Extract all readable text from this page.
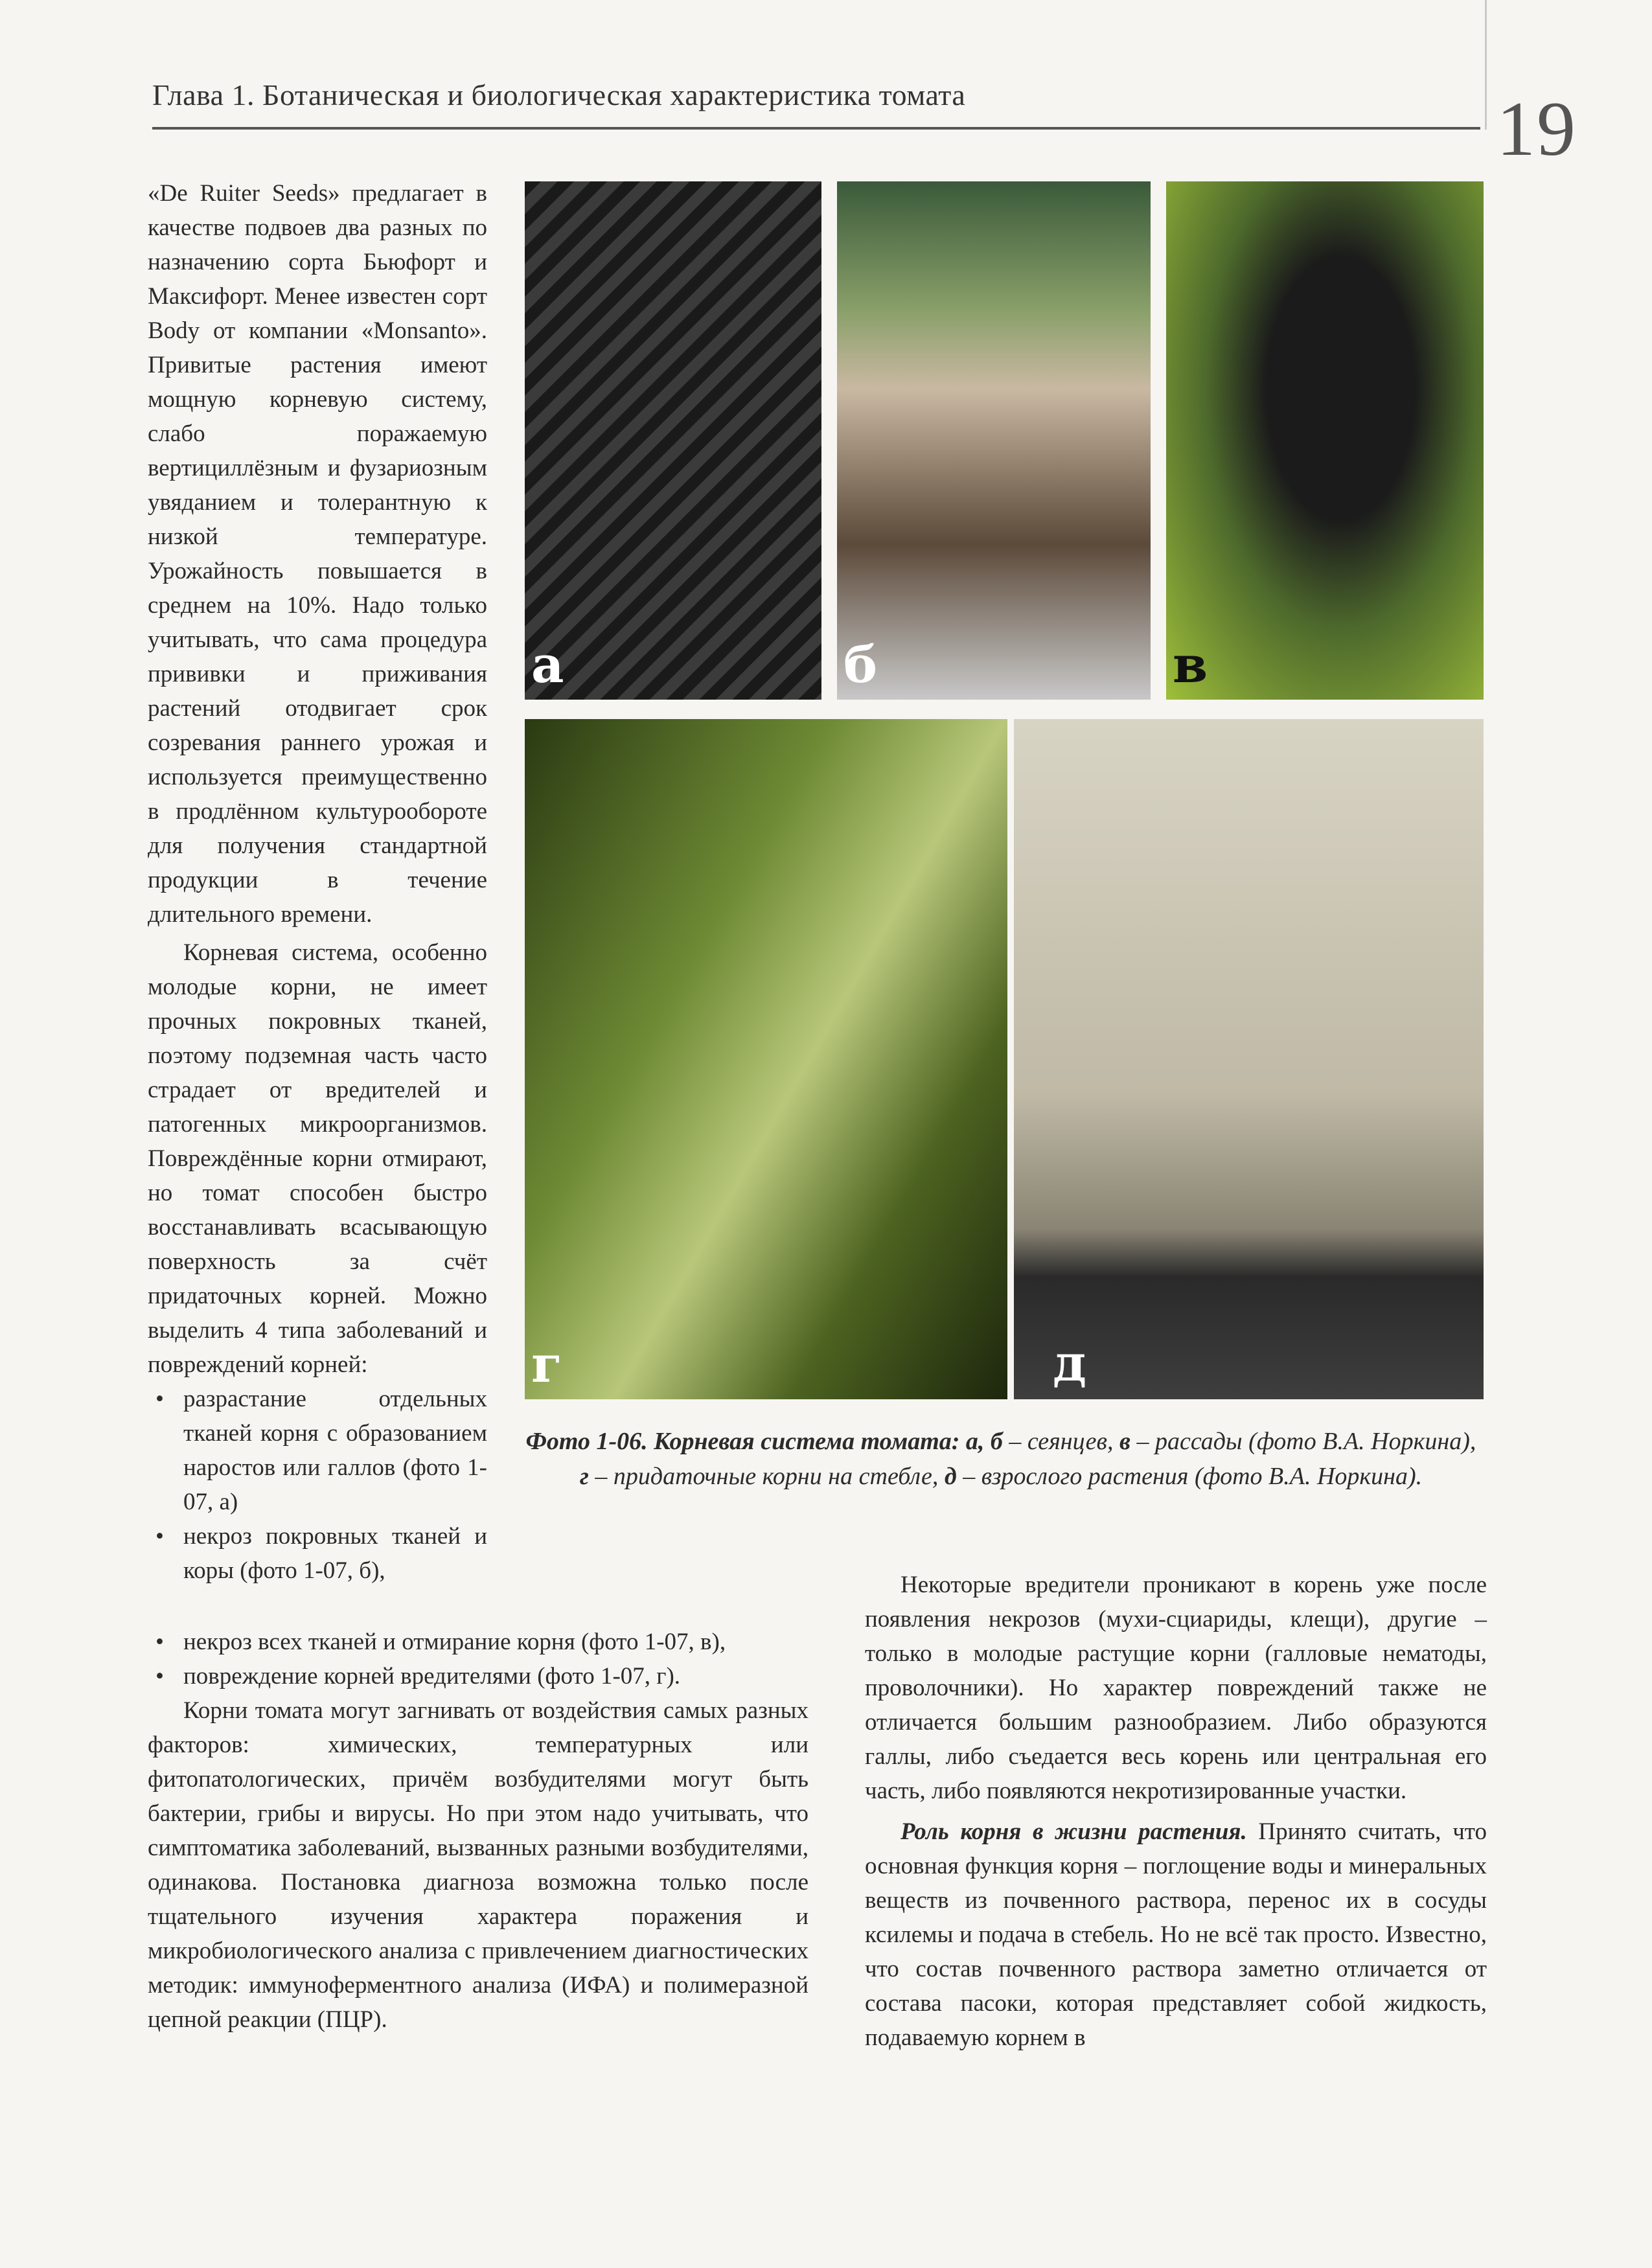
Глава 1. Ботаническая и биологическая характеристика томата	19

«De Ruiter Seeds» предлагает в качестве подвоев два разных по назначению сорта Бьюфорт и Максифорт. Менее известен сорт Body от компании «Monsanto». Привитые растения имеют мощную корневую систему, слабо поражаемую вертициллёзным и фузариозным увяданием и толерантную к низкой температуре. Урожайность повышается в среднем на 10%. Надо только учитывать, что сама процедура прививки и приживания растений отодвигает срок созревания раннего урожая и используется преимущественно в продлённом культурообороте для получения стандартной продукции в течение длительного времени.

Корневая система, особенно молодые корни, не имеет прочных покровных тканей, поэтому подземная часть часто страдает от вредителей и патогенных микроорганизмов. Повреждённые корни отмирают, но томат способен быстро восстанавливать всасывающую поверхность за счёт придаточных корней. Можно выделить 4 типа заболеваний и повреждений корней:

• разрастание отдельных тканей корня с образованием наростов или галлов (фото 1-07, а)
• некроз покровных тканей и коры (фото 1-07, б),
• некроз всех тканей и отмирание корня (фото 1-07, в),
• повреждение корней вредителями (фото 1-07, г).

Корни томата могут загнивать от воздействия самых разных факторов: химических, температурных или фитопатологических, причём возбудителями могут быть бактерии, грибы и вирусы. Но при этом надо учитывать, что симптоматика заболеваний, вызванных разными возбудителями, одинакова. Постановка диагноза возможна только после тщательного изучения характера поражения и микробиологического анализа с привлечением диагностических методик: иммуноферментного анализа (ИФА) и полимеразной цепной реакции (ПЦР).

а	б	в
г	д
Фото 1-06. Корневая система томата: а, б – сеянцев, в – рассады (фото В.А. Норкина), г – придаточные корни на стебле, д – взрослого растения (фото В.А. Норкина).

Некоторые вредители проникают в корень уже после появления некрозов (мухи-сциариды, клещи), другие – только в молодые растущие корни (галловые нематоды, проволочники). Но характер повреждений также не отличается большим разнообразием. Либо образуются галлы, либо съедается весь корень или центральная его часть, либо появляются некротизированные участки.

Роль корня в жизни растения. Принято считать, что основная функция корня – поглощение воды и минеральных веществ из почвенного раствора, перенос их в сосуды ксилемы и подача в стебель. Но не всё так просто. Известно, что состав почвенного раствора заметно отличается от состава пасоки, которая представляет собой жидкость, подаваемую корнем в
